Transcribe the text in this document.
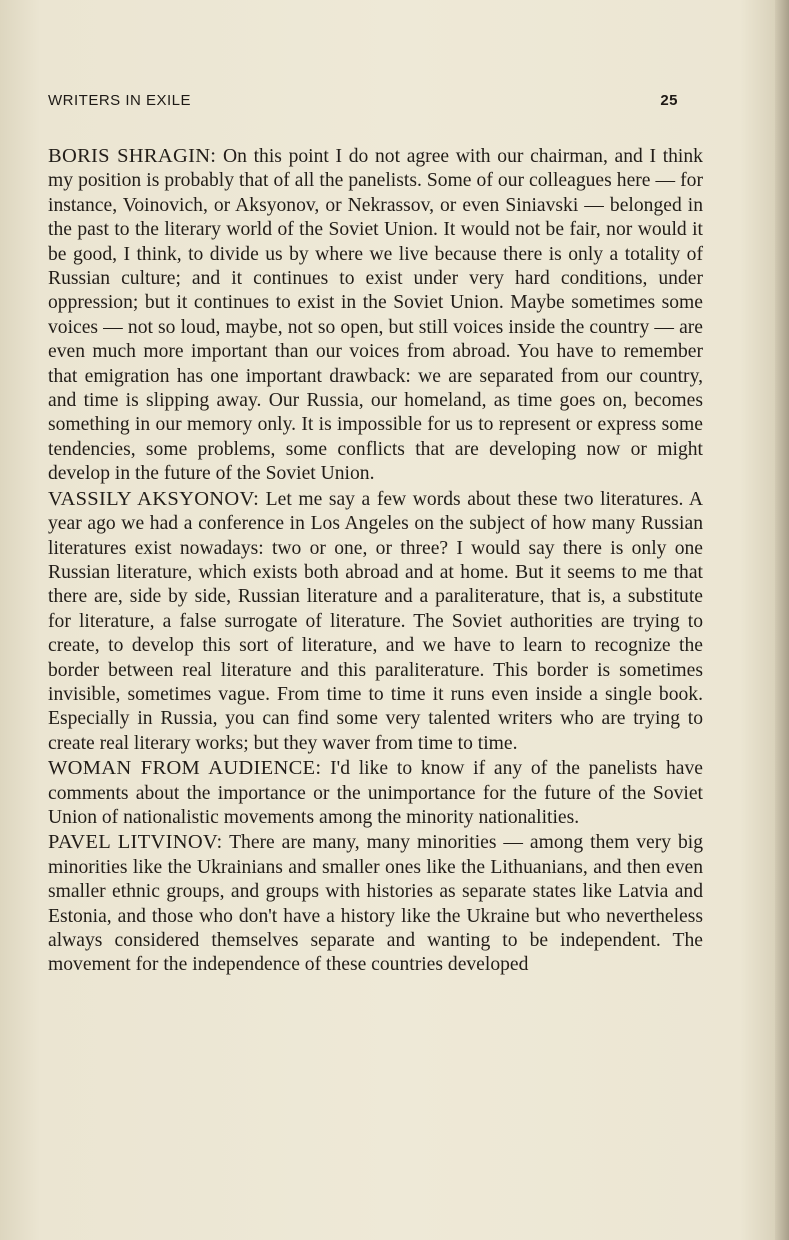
WRITERS IN EXILE	25

BORIS SHRAGIN: On this point I do not agree with our chairman, and I think my position is probably that of all the panelists. Some of our colleagues here — for instance, Voinovich, or Aksyonov, or Nekrassov, or even Siniavski — belonged in the past to the literary world of the Soviet Union. It would not be fair, nor would it be good, I think, to divide us by where we live because there is only a totality of Russian culture; and it continues to exist under very hard conditions, under oppression; but it continues to exist in the Soviet Union. Maybe sometimes some voices — not so loud, maybe, not so open, but still voices inside the country — are even much more important than our voices from abroad. You have to remember that emigration has one important drawback: we are separated from our country, and time is slipping away. Our Russia, our homeland, as time goes on, becomes something in our memory only. It is impossible for us to represent or express some tendencies, some problems, some conflicts that are developing now or might develop in the future of the Soviet Union.

VASSILY AKSYONOV: Let me say a few words about these two literatures. A year ago we had a conference in Los Angeles on the subject of how many Russian literatures exist nowadays: two or one, or three? I would say there is only one Russian literature, which exists both abroad and at home. But it seems to me that there are, side by side, Russian literature and a paraliterature, that is, a substitute for literature, a false surrogate of literature. The Soviet authorities are trying to create, to develop this sort of literature, and we have to learn to recognize the border between real literature and this paraliterature. This border is sometimes invisible, sometimes vague. From time to time it runs even inside a single book. Especially in Russia, you can find some very talented writers who are trying to create real literary works; but they waver from time to time.

WOMAN FROM AUDIENCE: I'd like to know if any of the panelists have comments about the importance or the unimportance for the future of the Soviet Union of nationalistic movements among the minority nationalities.

PAVEL LITVINOV: There are many, many minorities — among them very big minorities like the Ukrainians and smaller ones like the Lithuanians, and then even smaller ethnic groups, and groups with histories as separate states like Latvia and Estonia, and those who don't have a history like the Ukraine but who nevertheless always considered themselves separate and wanting to be independent. The movement for the independence of these countries developed
